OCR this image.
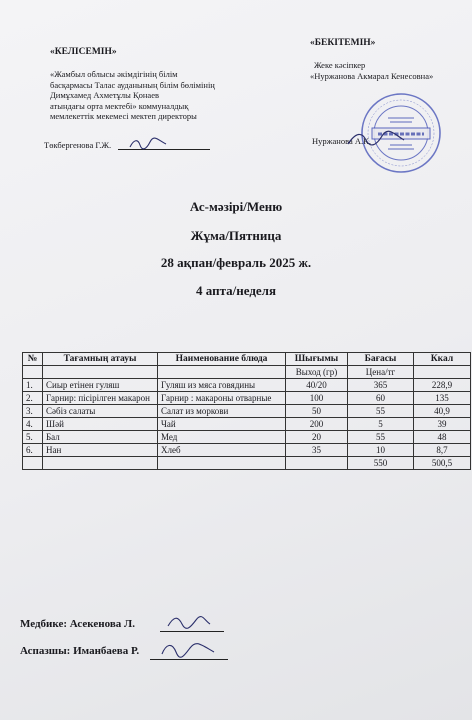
«КЕЛІСЕМІН»
«Жамбыл облысы әкімдігінің білім
басқармасы Талас ауданының білім бөлімінің
Димұхамед Ахметұлы Қонаев
атындағы орта мектебі» коммуналдық
мемлекеттік мекемесі мектеп директоры
Төкбергенова Г.Ж.
«БЕКІТЕМІН»
Жеке кәсіпкер
«Нуржанова Акмарал Кенесовна»
Нуржанова А.К.
Ас-мәзірі/Меню
Жұма/Пятница
28 ақпан/февраль 2025 ж.
4 апта/неделя
№	Тағамның атауы	Наименование блюда	Шығымы	Бағасы	Ккал
			Выход (гр)	Цена/тг	
1.	Сиыр етінен гуляш	Гуляш из мяса говядины	40/20	365	228,9
2.	Гарнир: пісірілген макарон	Гарнир : макароны отварные	100	60	135
3.	Сәбіз салаты	Салат из моркови	50	55	40,9
4.	Шәй	Чай	200	5	39
5.	Бал	Мед	20	55	48
6.	Нан	Хлеб	35	10	8,7
				550	500,5
Медбике: Асекенова Л.
Аспазшы: Иманбаева Р.
